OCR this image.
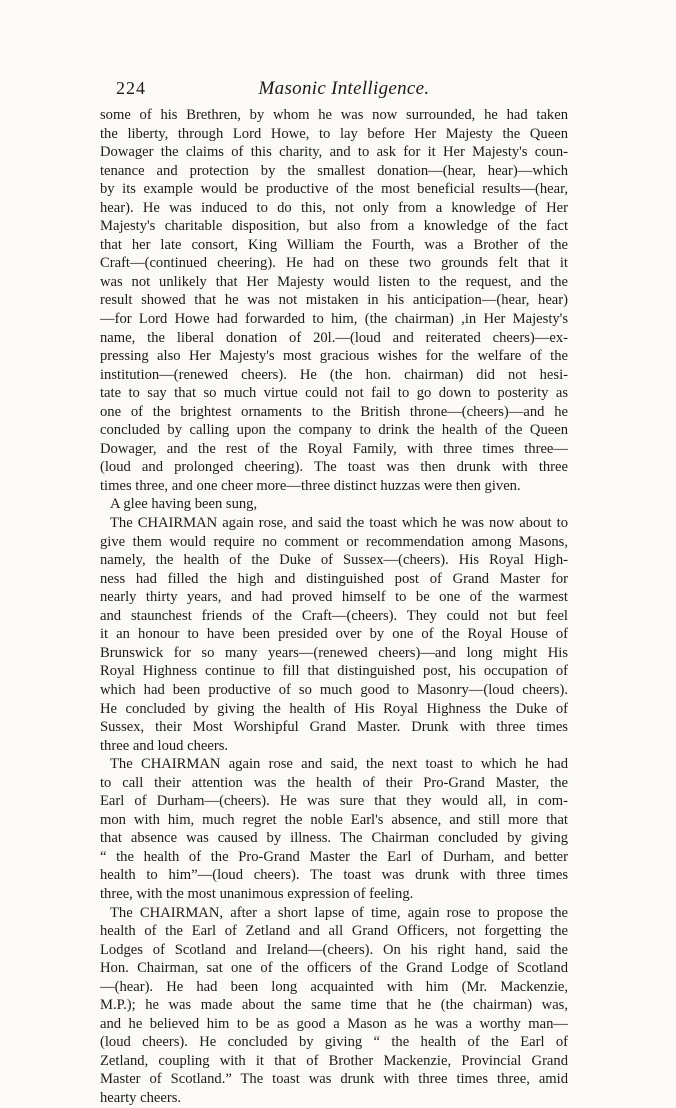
224	Masonic Intelligence.
some of his Brethren, by whom he was now surrounded, he had taken
the liberty, through Lord Howe, to lay before Her Majesty the Queen
Dowager the claims of this charity, and to ask for it Her Majesty's coun-
tenance and protection by the smallest donation—(hear, hear)—which
by its example would be productive of the most beneficial results—(hear,
hear). He was induced to do this, not only from a knowledge of Her
Majesty's charitable disposition, but also from a knowledge of the fact
that her late consort, King William the Fourth, was a Brother of the
Craft—(continued cheering). He had on these two grounds felt that it
was not unlikely that Her Majesty would listen to the request, and the
result showed that he was not mistaken in his anticipation—(hear, hear)
—for Lord Howe had forwarded to him, (the chairman) ,in Her Majesty's
name, the liberal donation of 20l.—(loud and reiterated cheers)—ex-
pressing also Her Majesty's most gracious wishes for the welfare of the
institution—(renewed cheers). He (the hon. chairman) did not hesi-
tate to say that so much virtue could not fail to go down to posterity as
one of the brightest ornaments to the British throne—(cheers)—and he
concluded by calling upon the company to drink the health of the Queen
Dowager, and the rest of the Royal Family, with three times three—
(loud and prolonged cheering). The toast was then drunk with three
times three, and one cheer more—three distinct huzzas were then given.
A glee having been sung,
The CHAIRMAN again rose, and said the toast which he was now about to
give them would require no comment or recommendation among Masons,
namely, the health of the Duke of Sussex—(cheers). His Royal High-
ness had filled the high and distinguished post of Grand Master for
nearly thirty years, and had proved himself to be one of the warmest
and staunchest friends of the Craft—(cheers). They could not but feel
it an honour to have been presided over by one of the Royal House of
Brunswick for so many years—(renewed cheers)—and long might His
Royal Highness continue to fill that distinguished post, his occupation of
which had been productive of so much good to Masonry—(loud cheers).
He concluded by giving the health of His Royal Highness the Duke of
Sussex, their Most Worshipful Grand Master. Drunk with three times
three and loud cheers.
The CHAIRMAN again rose and said, the next toast to which he had
to call their attention was the health of their Pro-Grand Master, the
Earl of Durham—(cheers). He was sure that they would all, in com-
mon with him, much regret the noble Earl's absence, and still more that
that absence was caused by illness. The Chairman concluded by giving
“ the health of the Pro-Grand Master the Earl of Durham, and better
health to him”—(loud cheers). The toast was drunk with three times
three, with the most unanimous expression of feeling.
The CHAIRMAN, after a short lapse of time, again rose to propose the
health of the Earl of Zetland and all Grand Officers, not forgetting the
Lodges of Scotland and Ireland—(cheers). On his right hand, said the
Hon. Chairman, sat one of the officers of the Grand Lodge of Scotland
—(hear). He had been long acquainted with him (Mr. Mackenzie,
M.P.); he was made about the same time that he (the chairman) was,
and he believed him to be as good a Mason as he was a worthy man—
(loud cheers). He concluded by giving “ the health of the Earl of
Zetland, coupling with it that of Brother Mackenzie, Provincial Grand
Master of Scotland.” The toast was drunk with three times three, amid
hearty cheers.
